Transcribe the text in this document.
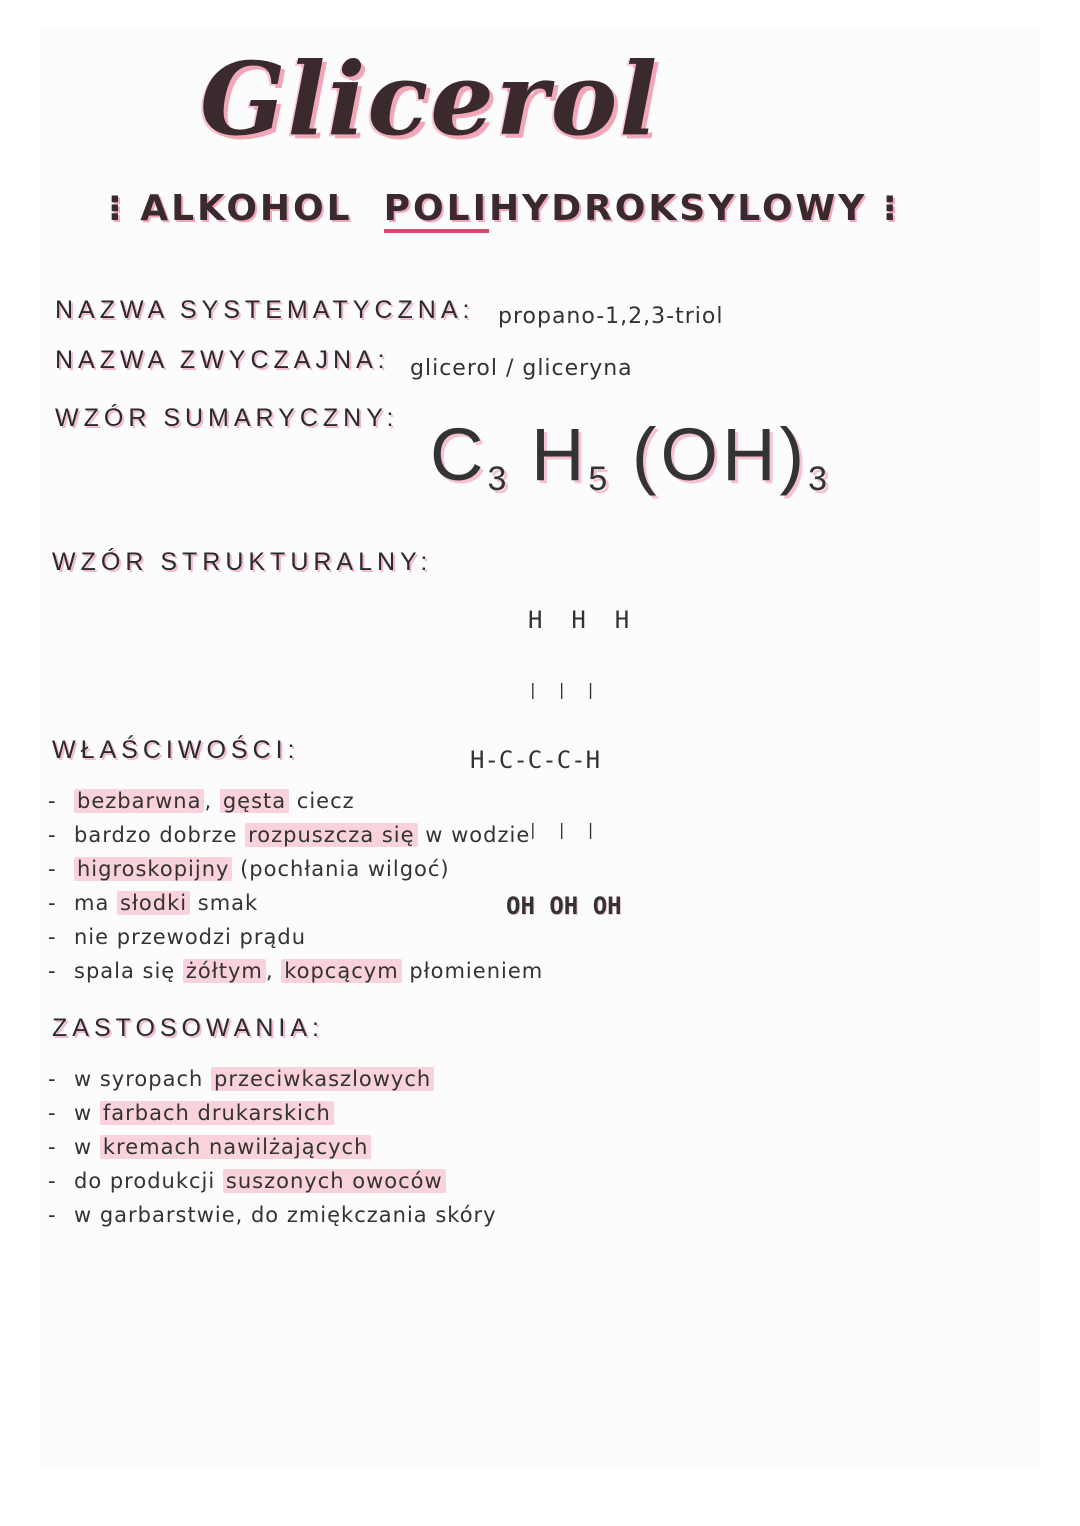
Glicerol
⁝ ALKOHOL POLIHYDROKSYLOWY ⁝
NAZWA SYSTEMATYCZNA: propano-1,2,3-triol
NAZWA ZWYCZAJNA: glicerol / gliceryna
WZÓR SUMARYCZNY: $C_3$ $H_5$ $(OH)_3$
WZÓR STRUKTURALNY:

H  H  H

|  |  |

H-C-C-C-H

|  |  |

OH OH OH

WŁAŚCIWOŚCI:
- bezbarwna , gęsta ciecz
- bardzo dobrze rozpuszcza się w wodzie
- higroskopijny (pochłania wilgoć)
- ma słodki smak
- nie przewodzi prądu
- spala się żółtym , kopcącym płomieniem
ZASTOSOWANIA:
- w syropach przeciwkaszlowych
- w farbach drukarskich
- w kremach nawilżających
- do produkcji suszonych owoców
- w garbarstwie, do zmiękczania skóry
